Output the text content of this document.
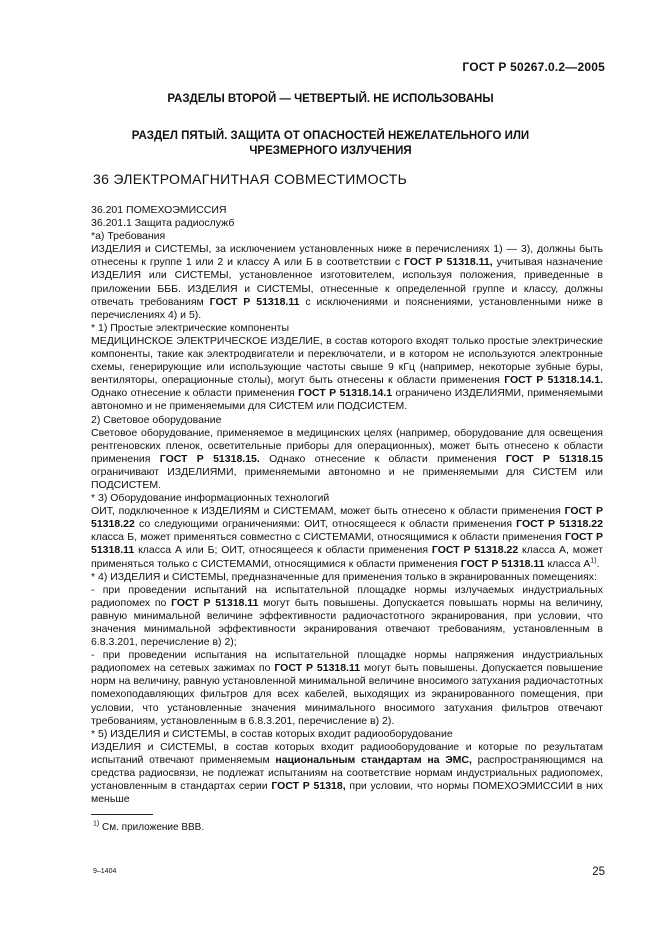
ГОСТ Р 50267.0.2—2005
РАЗДЕЛЫ ВТОРОЙ — ЧЕТВЕРТЫЙ. НЕ ИСПОЛЬЗОВАНЫ
РАЗДЕЛ ПЯТЫЙ. ЗАЩИТА ОТ ОПАСНОСТЕЙ НЕЖЕЛАТЕЛЬНОГО ИЛИ
ЧРЕЗМЕРНОГО ИЗЛУЧЕНИЯ
36 ЭЛЕКТРОМАГНИТНАЯ СОВМЕСТИМОСТЬ

36.201 ПОМЕХОЭМИССИЯ

36.201.1 Защита радиослужб

*а) Требования

ИЗДЕЛИЯ и СИСТЕМЫ, за исключением установленных ниже в перечислениях 1) — 3), должны быть отнесены к группе 1 или 2 и классу А или Б в соответствии с ГОСТ Р 51318.11, учитывая назначение ИЗДЕЛИЯ или СИСТЕМЫ, установленное изготовителем, используя положения, приведенные в приложении БББ. ИЗДЕЛИЯ и СИСТЕМЫ, отнесенные к определенной группе и классу, должны отвечать требованиям ГОСТ Р 51318.11 с исключениями и пояснениями, установленными ниже в перечислениях 4) и 5).

* 1) Простые электрические компоненты

МЕДИЦИНСКОЕ ЭЛЕКТРИЧЕСКОЕ ИЗДЕЛИЕ, в состав которого входят только простые электрические компоненты, такие как электродвигатели и переключатели, и в котором не используются электронные схемы, генерирующие или использующие частоты свыше 9 кГц (например, некоторые зубные буры, вентиляторы, операционные столы), могут быть отнесены к области применения ГОСТ Р 51318.14.1. Однако отнесение к области применения ГОСТ Р 51318.14.1 ограничено ИЗДЕЛИЯМИ, применяемыми автономно и не применяемыми для СИСТЕМ или ПОДСИСТЕМ.

2) Световое оборудование

Световое оборудование, применяемое в медицинских целях (например, оборудование для освещения рентгеновских пленок, осветительные приборы для операционных), может быть отнесено к области применения ГОСТ Р 51318.15. Однако отнесение к области применения ГОСТ Р 51318.15 ограничивают ИЗДЕЛИЯМИ, применяемыми автономно и не применяемыми для СИСТЕМ или ПОДСИСТЕМ.

* 3) Оборудование информационных технологий

ОИТ, подключенное к ИЗДЕЛИЯМ и СИСТЕМАМ, может быть отнесено к области применения ГОСТ Р 51318.22 со следующими ограничениями: ОИТ, относящееся к области применения ГОСТ Р 51318.22 класса Б, может применяться совместно с СИСТЕМАМИ, относящимися к области применения ГОСТ Р 51318.11 класса А или Б; ОИТ, относящееся к области применения ГОСТ Р 51318.22 класса А, может применяться только с СИСТЕМАМИ, относящимися к области применения ГОСТ Р 51318.11 класса $А^{1)}$.

* 4) ИЗДЕЛИЯ и СИСТЕМЫ, предназначенные для применения только в экранированных помещениях:

- при проведении испытаний на испытательной площадке нормы излучаемых индустриальных радиопомех по ГОСТ Р 51318.11 могут быть повышены. Допускается повышать нормы на величину, равную минимальной величине эффективности радиочастотного экранирования, при условии, что значения минимальной эффективности экранирования отвечают требованиям, установленным в 6.8.3.201, перечисление в) 2);

- при проведении испытания на испытательной площадке нормы напряжения индустриальных радиопомех на сетевых зажимах по ГОСТ Р 51318.11 могут быть повышены. Допускается повышение норм на величину, равную установленной минимальной величине вносимого затухания радиочастотных помехоподавляющих фильтров для всех кабелей, выходящих из экранированного помещения, при условии, что установленные значения минимального вносимого затухания фильтров отвечают требованиям, установленным в 6.8.3.201, перечисление в) 2).

* 5) ИЗДЕЛИЯ и СИСТЕМЫ, в состав которых входит радиооборудование

ИЗДЕЛИЯ и СИСТЕМЫ, в состав которых входит радиооборудование и которые по результатам испытаний отвечают применяемым национальным стандартам на ЭМС, распространяющимся на средства радиосвязи, не подлежат испытаниям на соответствие нормам индустриальных радиопомех, установленным в стандартах серии ГОСТ Р 51318, при условии, что нормы ПОМЕХОЭМИССИИ в них меньше

$^{1)}$ См. приложение ВВВ.
9–1404	25
